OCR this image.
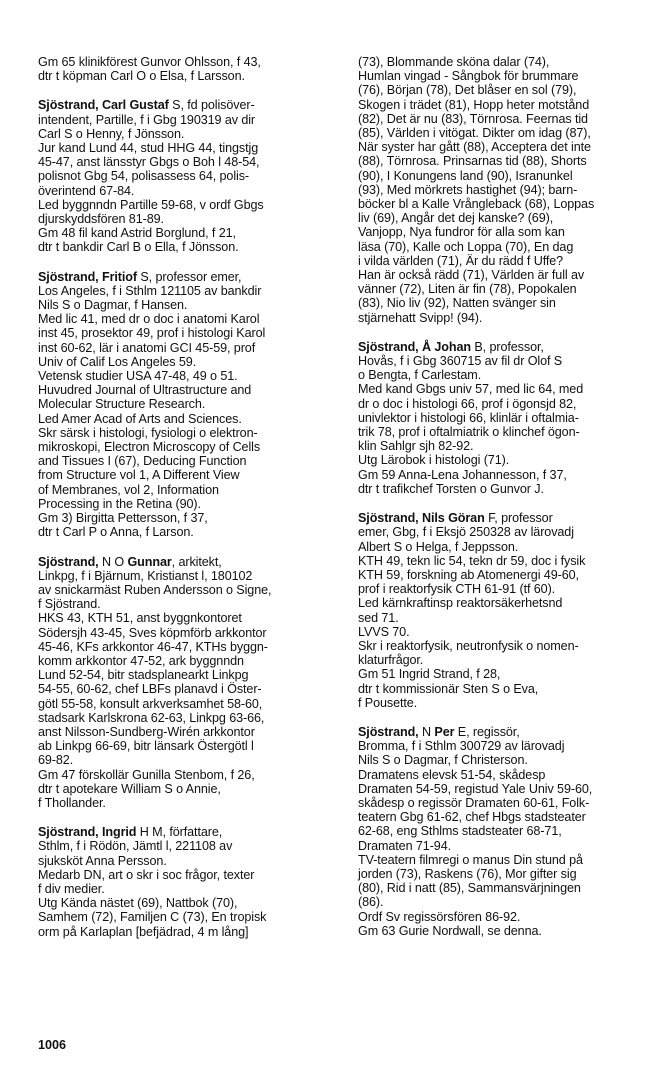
Gm 65 klinikförest Gunvor Ohlsson, f 43,
dtr t köpman Carl O o Elsa, f Larsson.
Sjöstrand, Carl Gustaf S, fd polisöver-
intendent, Partille, f i Gbg 190319 av dir
Carl S o Henny, f Jönsson.
Jur kand Lund 44, stud HHG 44, tingstjg
45-47, anst länsstyr Gbgs o Boh l 48-54,
polisnot Gbg 54, polisassess 64, polis-
överintend 67-84.
Led byggnndn Partille 59-68, v ordf Gbgs
djurskyddsfören 81-89.
Gm 48 fil kand Astrid Borglund, f 21,
dtr t bankdir Carl B o Ella, f Jönsson.
Sjöstrand, Fritiof S, professor emer,
Los Angeles, f i Sthlm 121105 av bankdir
Nils S o Dagmar, f Hansen.
Med lic 41, med dr o doc i anatomi Karol
inst 45, prosektor 49, prof i histologi Karol
inst 60-62, lär i anatomi GCI 45-59, prof
Univ of Calif Los Angeles 59.
Vetensk studier USA 47-48, 49 o 51.
Huvudred Journal of Ultrastructure and
Molecular Structure Research.
Led Amer Acad of Arts and Sciences.
Skr särsk i histologi, fysiologi o elektron-
mikroskopi, Electron Microscopy of Cells
and Tissues I (67), Deducing Function
from Structure vol 1, A Different View
of Membranes, vol 2, Information
Processing in the Retina (90).
Gm 3) Birgitta Pettersson, f 37,
dtr t Carl P o Anna, f Larson.
Sjöstrand, N O Gunnar, arkitekt,
Linkpg, f i Bjärnum, Kristianst l, 180102
av snickarmäst Ruben Andersson o Signe,
f Sjöstrand.
HKS 43, KTH 51, anst byggnkontoret
Södersjh 43-45, Sves köpmförb arkkontor
45-46, KFs arkkontor 46-47, KTHs byggn-
komm arkkontor 47-52, ark byggnndn
Lund 52-54, bitr stadsplanearkt Linkpg
54-55, 60-62, chef LBFs planavd i Öster-
götl 55-58, konsult arkverksamhet 58-60,
stadsark Karlskrona 62-63, Linkpg 63-66,
anst Nilsson-Sundberg-Wirén arkkontor
ab Linkpg 66-69, bitr länsark Östergötl l
69-82.
Gm 47 förskollär Gunilla Stenbom, f 26,
dtr t apotekare William S o Annie,
f Thollander.
Sjöstrand, Ingrid H M, författare,
Sthlm, f i Rödön, Jämtl l, 221108 av
sjuksköt Anna Persson.
Medarb DN, art o skr i soc frågor, texter
f div medier.
Utg Kända nästet (69), Nattbok (70),
Samhem (72), Familjen C (73), En tropisk
orm på Karlaplan [befjädrad, 4 m lång]
(73), Blommande sköna dalar (74),
Humlan vingad - Sångbok för brummare
(76), Början (78), Det blåser en sol (79),
Skogen i trädet (81), Hopp heter motstånd
(82), Det är nu (83), Törnrosa. Feernas tid
(85), Världen i vitögat. Dikter om idag (87),
När syster har gått (88), Acceptera det inte
(88), Törnrosa. Prinsarnas tid (88), Shorts
(90), I Konungens land (90), Isranunkel
(93), Med mörkrets hastighet (94); barn-
böcker bl a Kalle Vrångleback (68), Loppas
liv (69), Angår det dej kanske? (69),
Vanjopp, Nya fundror för alla som kan
läsa (70), Kalle och Loppa (70), En dag
i vilda världen (71), Är du rädd f Uffe?
Han är också rädd (71), Världen är full av
vänner (72), Liten är fin (78), Popokalen
(83), Nio liv (92), Natten svänger sin
stjärnehatt Svipp! (94).
Sjöstrand, Å Johan B, professor,
Hovås, f i Gbg 360715 av fil dr Olof S
o Bengta, f Carlestam.
Med kand Gbgs univ 57, med lic 64, med
dr o doc i histologi 66, prof i ögonsjd 82,
univlektor i histologi 66, klinlär i oftalmia-
trik 78, prof i oftalmiatrik o klinchef ögon-
klin Sahlgr sjh 82-92.
Utg Lärobok i histologi (71).
Gm 59 Anna-Lena Johannesson, f 37,
dtr t trafikchef Torsten o Gunvor J.
Sjöstrand, Nils Göran F, professor
emer, Gbg, f i Eksjö 250328 av lärovadj
Albert S o Helga, f Jeppsson.
KTH 49, tekn lic 54, tekn dr 59, doc i fysik
KTH 59, forskning ab Atomenergi 49-60,
prof i reaktorfysik CTH 61-91 (tf 60).
Led kärnkraftinsp reaktorsäkerhetsnd
sed 71.
LVVS 70.
Skr i reaktorfysik, neutronfysik o nomen-
klaturfrågor.
Gm 51 Ingrid Strand, f 28,
dtr t kommissionär Sten S o Eva,
f Pousette.
Sjöstrand, N Per E, regissör,
Bromma, f i Sthlm 300729 av lärovadj
Nils S o Dagmar, f Christerson.
Dramatens elevsk 51-54, skådesp
Dramaten 54-59, registud Yale Univ 59-60,
skådesp o regissör Dramaten 60-61, Folk-
teatern Gbg 61-62, chef Hbgs stadsteater
62-68, eng Sthlms stadsteater 68-71,
Dramaten 71-94.
TV-teatern filmregi o manus Din stund på
jorden (73), Raskens (76), Mor gifter sig
(80), Rid i natt (85), Sammansvärjningen
(86).
Ordf Sv regissörsfören 86-92.
Gm 63 Gurie Nordwall, se denna.
1006
